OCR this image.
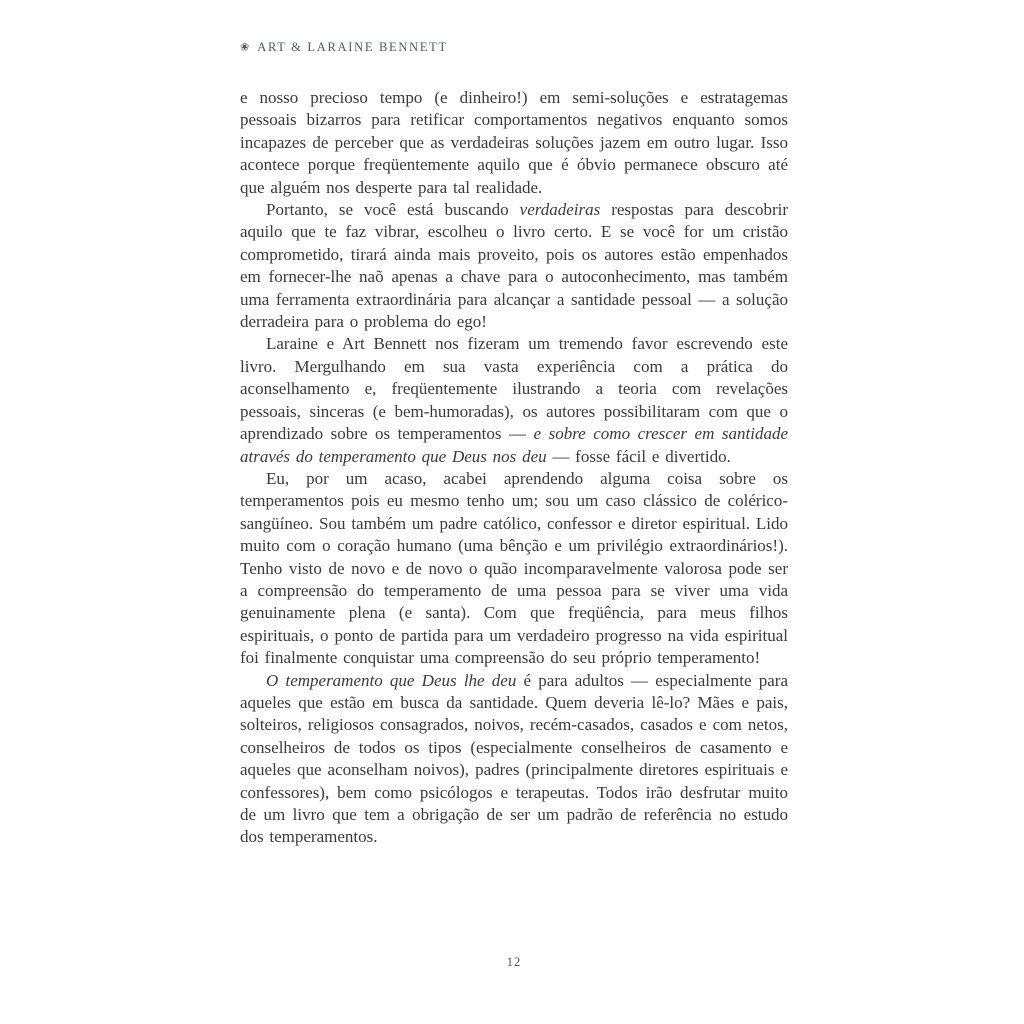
❀ ART & LARAINE BENNETT

e nosso precioso tempo (e dinheiro!) em semi-soluções e estratagemas pessoais bizarros para retificar comportamentos negativos enquanto somos incapazes de perceber que as verdadeiras soluções jazem em outro lugar. Isso acontece porque freqüentemente aquilo que é óbvio permanece obscuro até que alguém nos desperte para tal realidade.

Portanto, se você está buscando verdadeiras respostas para descobrir aquilo que te faz vibrar, escolheu o livro certo. E se você for um cristão comprometido, tirará ainda mais proveito, pois os autores estão empenhados em fornecer-lhe naõ apenas a chave para o autoconhecimento, mas também uma ferramenta extraordinária para alcançar a santidade pessoal — a solução derradeira para o problema do ego!

Laraine e Art Bennett nos fizeram um tremendo favor escrevendo este livro. Mergulhando em sua vasta experiência com a prática do aconselhamento e, freqüentemente ilustrando a teoria com revelações pessoais, sinceras (e bem-humoradas), os autores possibilitaram com que o aprendizado sobre os temperamentos — e sobre como crescer em santidade através do temperamento que Deus nos deu — fosse fácil e divertido.

Eu, por um acaso, acabei aprendendo alguma coisa sobre os temperamentos pois eu mesmo tenho um; sou um caso clássico de colérico-sangüíneo. Sou também um padre católico, confessor e diretor espiritual. Lido muito com o coração humano (uma bênção e um privilégio extraordinários!). Tenho visto de novo e de novo o quão incomparavelmente valorosa pode ser a compreensão do temperamento de uma pessoa para se viver uma vida genuinamente plena (e santa). Com que freqüência, para meus filhos espirituais, o ponto de partida para um verdadeiro progresso na vida espiritual foi finalmente conquistar uma compreensão do seu próprio temperamento!

O temperamento que Deus lhe deu é para adultos — especialmente para aqueles que estão em busca da santidade. Quem deveria lê-lo? Mães e pais, solteiros, religiosos consagrados, noivos, recém-casados, casados e com netos, conselheiros de todos os tipos (especialmente conselheiros de casamento e aqueles que aconselham noivos), padres (principalmente diretores espirituais e confessores), bem como psicólogos e terapeutas. Todos irão desfrutar muito de um livro que tem a obrigação de ser um padrão de referência no estudo dos temperamentos.

12
